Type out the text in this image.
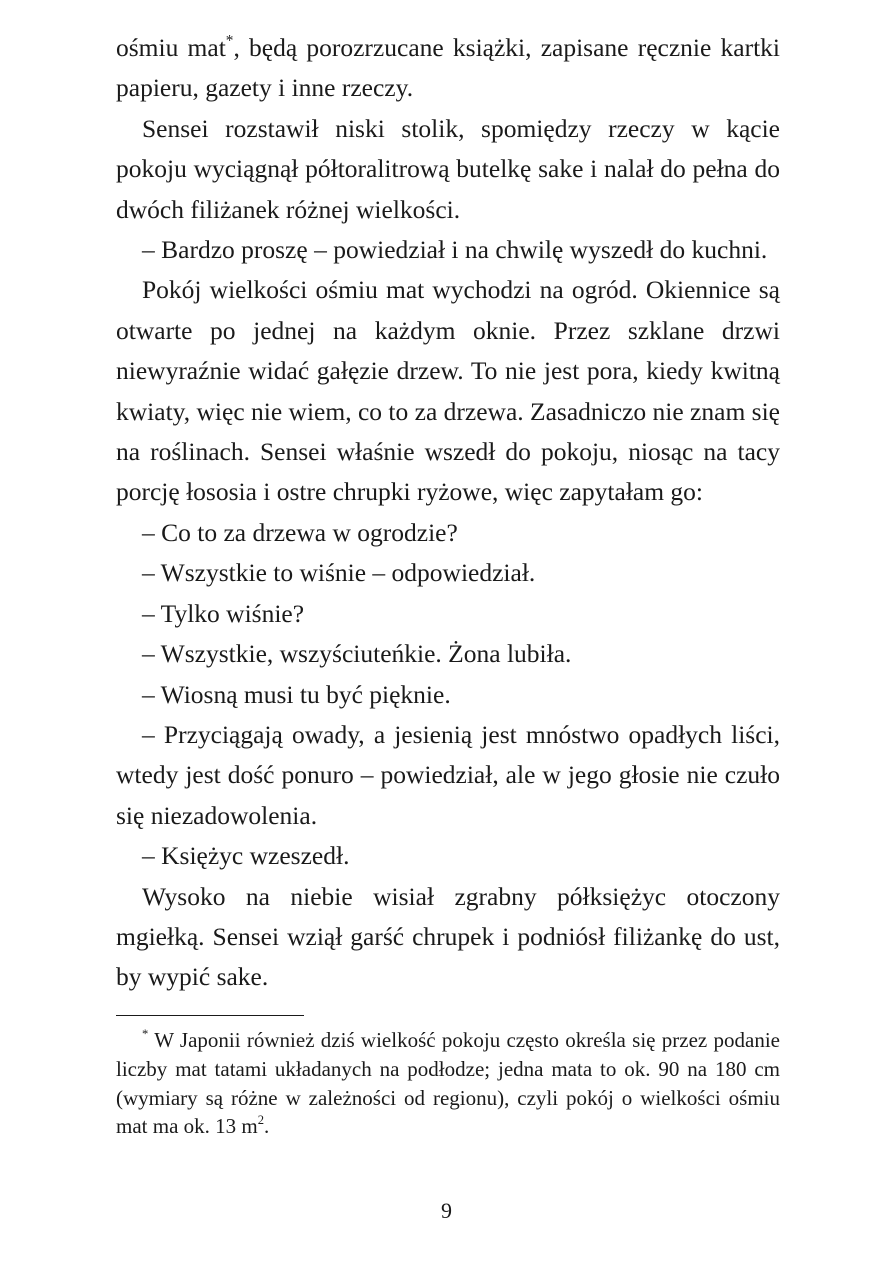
ośmiu mat*, będą porozrzucane książki, zapisane ręcznie kartki papieru, gazety i inne rzeczy.

Sensei rozstawił niski stolik, spomiędzy rzeczy w kącie pokoju wyciągnął półtoralitrową butelkę sake i nalał do pełna do dwóch filiżanek różnej wielkości.

– Bardzo proszę – powiedział i na chwilę wyszedł do kuchni.

Pokój wielkości ośmiu mat wychodzi na ogród. Okiennice są otwarte po jednej na każdym oknie. Przez szklane drzwi niewyraźnie widać gałęzie drzew. To nie jest pora, kiedy kwitną kwiaty, więc nie wiem, co to za drzewa. Zasadniczo nie znam się na roślinach. Sensei właśnie wszedł do pokoju, niosąc na tacy porcję łososia i ostre chrupki ryżowe, więc zapytałam go:

– Co to za drzewa w ogrodzie?

– Wszystkie to wiśnie – odpowiedział.

– Tylko wiśnie?

– Wszystkie, wszyściuteńkie. Żona lubiła.

– Wiosną musi tu być pięknie.

– Przyciągają owady, a jesienią jest mnóstwo opadłych liści, wtedy jest dość ponuro – powiedział, ale w jego głosie nie czuło się niezadowolenia.

– Księżyc wzeszedł.

Wysoko na niebie wisiał zgrabny półksiężyc otoczony mgiełką. Sensei wziął garść chrupek i podniósł filiżankę do ust, by wypić sake.

* W Japonii również dziś wielkość pokoju często określa się przez podanie liczby mat tatami układanych na podłodze; jedna mata to ok. 90 na 180 cm (wymiary są różne w zależności od regionu), czyli pokój o wielkości ośmiu mat ma ok. 13 $m^2$.

9
